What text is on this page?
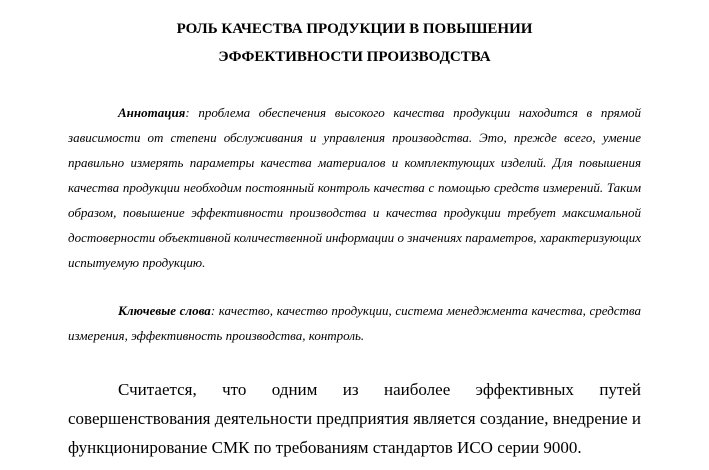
РОЛЬ КАЧЕСТВА ПРОДУКЦИИ В ПОВЫШЕНИИ
ЭФФЕКТИВНОСТИ ПРОИЗВОДСТВА

Аннотация: проблема обеспечения высокого качества продукции находится в прямой зависимости от степени обслуживания и управления производства. Это, прежде всего, умение правильно измерять параметры качества материалов и комплектующих изделий. Для повышения качества продукции необходим постоянный контроль качества с помощью средств измерений. Таким образом, повышение эффективности производства и качества продукции требует максимальной достоверности объективной количественной информации о значениях параметров, характеризующих испытуемую продукцию.

Ключевые слова: качество, качество продукции, система менеджмента качества, средства измерения, эффективность производства, контроль.

Считается, что одним из наиболее эффективных путей совершенствования деятельности предприятия является создание, внедрение и функционирование СМК по требованиям стандартов ИСО серии 9000.
